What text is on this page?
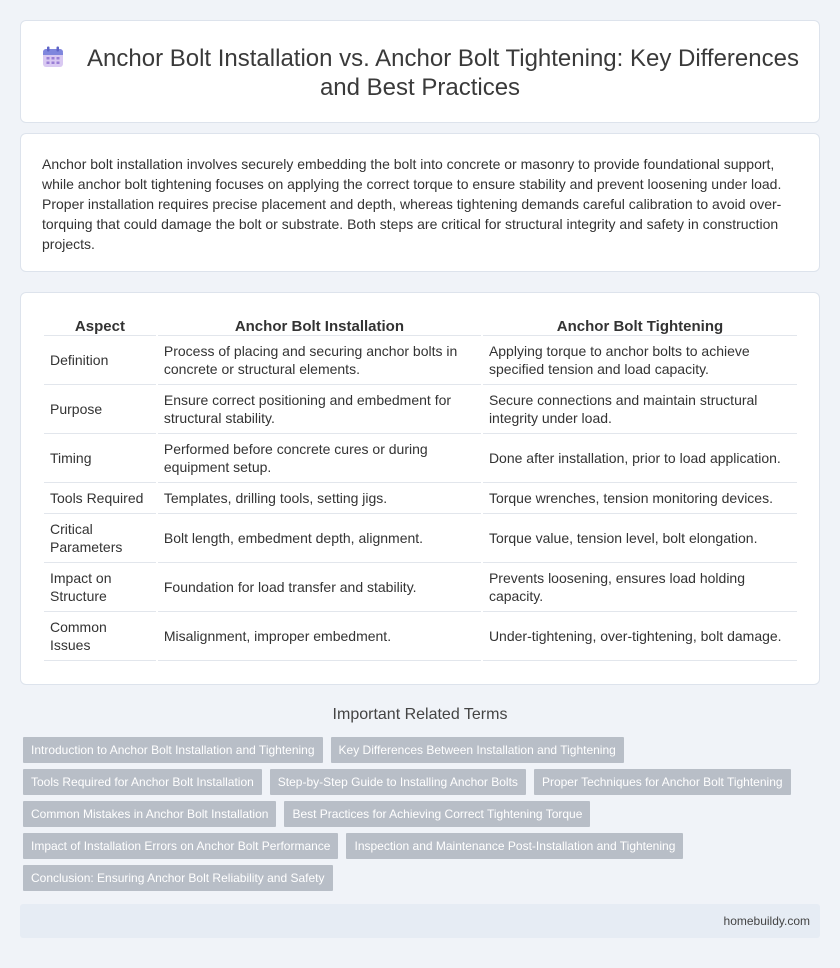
Anchor Bolt Installation vs. Anchor Bolt Tightening: Key Differences and Best Practices

Anchor bolt installation involves securely embedding the bolt into concrete or masonry to provide foundational support, while anchor bolt tightening focuses on applying the correct torque to ensure stability and prevent loosening under load. Proper installation requires precise placement and depth, whereas tightening demands careful calibration to avoid over-torquing that could damage the bolt or substrate. Both steps are critical for structural integrity and safety in construction projects.

Aspect	Anchor Bolt Installation	Anchor Bolt Tightening
Definition	Process of placing and securing anchor bolts in concrete or structural elements.	Applying torque to anchor bolts to achieve specified tension and load capacity.
Purpose	Ensure correct positioning and embedment for structural stability.	Secure connections and maintain structural integrity under load.
Timing	Performed before concrete cures or during equipment setup.	Done after installation, prior to load application.
Tools Required	Templates, drilling tools, setting jigs.	Torque wrenches, tension monitoring devices.
Critical Parameters	Bolt length, embedment depth, alignment.	Torque value, tension level, bolt elongation.
Impact on Structure	Foundation for load transfer and stability.	Prevents loosening, ensures load holding capacity.
Common Issues	Misalignment, improper embedment.	Under-tightening, over-tightening, bolt damage.
Important Related Terms
Introduction to Anchor Bolt Installation and Tightening	Key Differences Between Installation and Tightening
Tools Required for Anchor Bolt Installation	Step-by-Step Guide to Installing Anchor Bolts	Proper Techniques for Anchor Bolt Tightening
Common Mistakes in Anchor Bolt Installation	Best Practices for Achieving Correct Tightening Torque
Impact of Installation Errors on Anchor Bolt Performance	Inspection and Maintenance Post-Installation and Tightening
Conclusion: Ensuring Anchor Bolt Reliability and Safety
homebuildy.com
